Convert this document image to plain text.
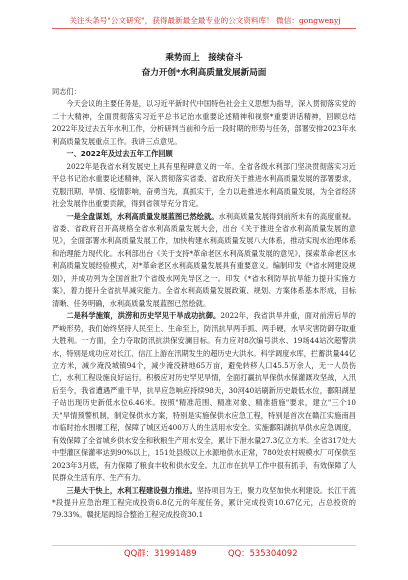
关注头条号"公文研究"，获得最新最全最专业的公文资料库！ 微信：gongwenyj
乘势而上　接续奋斗
奋力开创*水利高质量发展新局面

同志们：

今天会议的主要任务是，以习近平新时代中国特色社会主义思想为指导，深入贯彻落实党的二十大精神，全面贯彻落实习近平总书记治水重要论述精神和视察*重要讲话精神，回顾总结2022年及过去五年水利工作，分析研判当前和今后一段时期的形势与任务，部署安排2023年水利高质量发展重点工作。我讲三点意见。

一、2022年及过去五年工作回顾

2022年是我省水利发展史上具有里程碑意义的一年。全省各级水利部门坚决贯彻落实习近平总书记治水重要论述精神，深入贯彻落实省委、省政府关于推进水利高质量发展的部署要求，克服汛期、旱情、疫情影响，奋勇当先，真抓实干，全力以赴推进水利高质量发展，为全省经济社会发展作出重要贡献，得到省领导充分肯定。

一是全盘谋划，水利高质量发展蓝图已然绘就。水利高质量发展得到前所未有的高度重视。省委、省政府召开高规格全省水利高质量发展大会，出台《关于推进全省水利高质量发展的意见》，全面部署水利高质量发展工作，加快构建水利高质量发展八大体系，推动实现水治理体系和治理能力现代化。水利部出台《关于支持*革命老区水利高质量发展的意见》，探索革命老区水利高质量发展经验模式，对*革命老区水利高质量发展具有重要意义。编制印发《*省水网建设规划》，并成功列为全国首批7个省级水网先导区之一。印发《*省水利防旱抗旱能力提升实施方案》，着力提升全省抗旱减灾能力。全省水利高质量发展政策、规划、方案体系基本形成，目标清晰、任务明确，水利高质量发展蓝图已然绘就。

二是科学施策，洪涝和历史罕见干旱成功抗御。2022年，我省洪旱并重，面对前涝后旱的严峻形势，我们始终坚持人民至上、生命至上，防汛抗旱两手抓、两手硬，水旱灾害防御夺取重大胜利。一方面，全力夺取防汛抗洪保安澜目标。有力应对8次编号洪水、19场44站次超警洪水，特别是成功应对长江、信江上游在汛期发生的超历史大洪水。科学调度水库，拦蓄洪量44亿立方米，减少淹没城镇94个，减少淹没耕地65万亩，避免转移人口45.5万余人，无一人员伤亡，水利工程设施良好运行。积极应对历史罕见旱情，全面打赢抗旱保供水保灌溉攻坚战，入汛后至今，我省遭遇严重干旱，抗旱应急响应持续98天，30河40站刷新历史最低水位，鄱阳湖星子站出现历史新低水位6.46米。按照"精准范围、精准对象、精准措施"要求，建立"三个10天"旱情预警机制，制定保供水方案，特别是实施保供水应急工程，特别是首次在赣江实施南昌市临时抬水围堰工程，保障了城区近400万人的生活用水安全。实施鄱阳湖抗旱供水应急调度，有效保障了全省城乡供水安全和秋粮生产用水安全，累计下泄水量27.3亿立方米。全省317处大中型灌区保灌率达到90%以上，151处县级以上水源地供水正常，780处农村规模水厂可保供至2023年3月底，有力保障了粮食丰收和供水安全。九江市在抗旱工作中很有抓手，有效保障了人民群众生活有序、生产有力。

三是大干快上，水利工程建设强力推进。坚持项目为王，聚力攻坚加快水利建设。长江干流*段提升应急治理工程完成投资6.8亿元的年度任务，累计完成投资10.67亿元，占总投资的79.33%。赣抚尾闾综合整治工程完成投资30.1

QQ群：31991489	QQ：535304092
